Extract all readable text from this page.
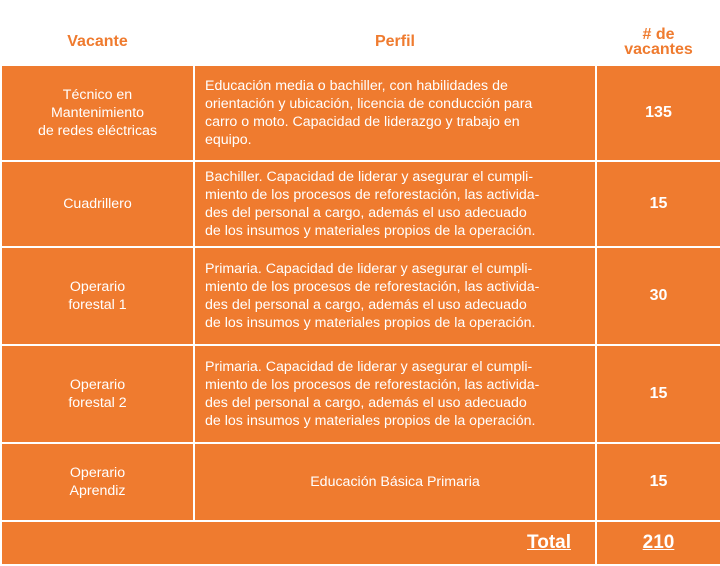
Vacante	Perfil	# de
vacantes
Técnico en
Mantenimiento
de redes eléctricas	Educación media o bachiller, con habilidades de
orientación y ubicación, licencia de conducción para
carro o moto. Capacidad de liderazgo y trabajo en
equipo.	135
Cuadrillero	Bachiller. Capacidad de liderar y asegurar el cumpli-
miento de los procesos de reforestación, las activida-
des del personal a cargo, además el uso adecuado
de los insumos y materiales propios de la operación.	15
Operario
forestal 1	Primaria. Capacidad de liderar y asegurar el cumpli-
miento de los procesos de reforestación, las activida-
des del personal a cargo, además el uso adecuado
de los insumos y materiales propios de la operación.	30
Operario
forestal 2	Primaria. Capacidad de liderar y asegurar el cumpli-
miento de los procesos de reforestación, las activida-
des del personal a cargo, además el uso adecuado
de los insumos y materiales propios de la operación.	15
Operario
Aprendiz	Educación Básica Primaria	15
	Total	210
